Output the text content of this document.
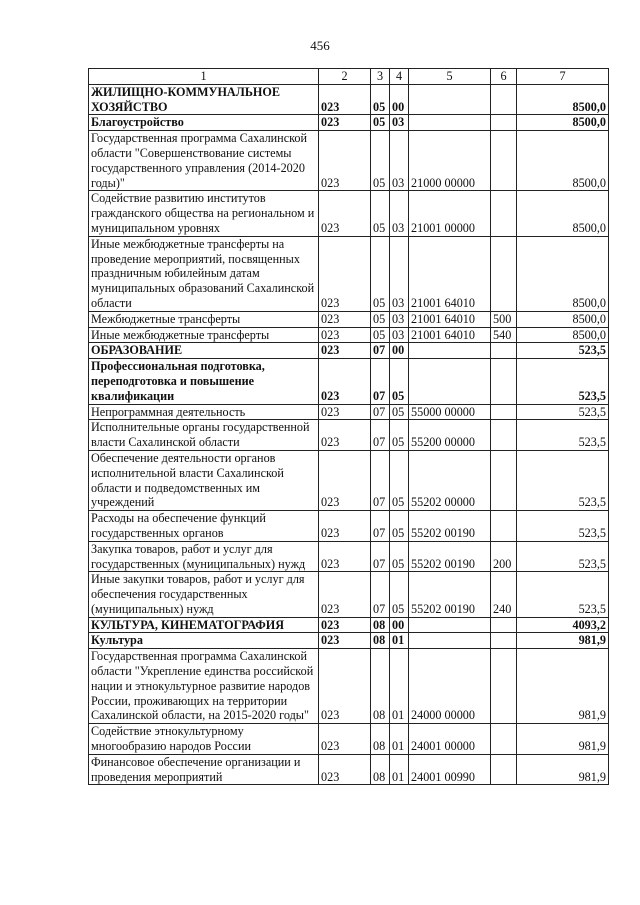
456
1	2	3	4	5	6	7
ЖИЛИЩНО-КОММУНАЛЬНОЕ ХОЗЯЙСТВО	023	05	00			8500,0
Благоустройство	023	05	03			8500,0
Государственная программа Сахалинской области "Совершенствование системы государственного управления (2014-2020 годы)"	023	05	03	21000 00000		8500,0
Содействие развитию институтов гражданского общества на региональном и муниципальном уровнях	023	05	03	21001 00000		8500,0
Иные межбюджетные трансферты на проведение мероприятий, посвященных праздничным юбилейным датам муниципальных образований Сахалинской области	023	05	03	21001 64010		8500,0
Межбюджетные трансферты	023	05	03	21001 64010	500	8500,0
Иные межбюджетные трансферты	023	05	03	21001 64010	540	8500,0
ОБРАЗОВАНИЕ	023	07	00			523,5
Профессиональная подготовка, переподготовка и повышение квалификации	023	07	05			523,5
Непрограммная деятельность	023	07	05	55000 00000		523,5
Исполнительные органы государственной власти Сахалинской области	023	07	05	55200 00000		523,5
Обеспечение деятельности органов исполнительной власти Сахалинской области и подведомственных им учреждений	023	07	05	55202 00000		523,5
Расходы на обеспечение функций государственных органов	023	07	05	55202 00190		523,5
Закупка товаров, работ и услуг для государственных (муниципальных) нужд	023	07	05	55202 00190	200	523,5
Иные закупки товаров, работ и услуг для обеспечения государственных (муниципальных) нужд	023	07	05	55202 00190	240	523,5
КУЛЬТУРА, КИНЕМАТОГРАФИЯ	023	08	00			4093,2
Культура	023	08	01			981,9
Государственная программа Сахалинской области "Укрепление единства российской нации и этнокультурное развитие народов России, проживающих на территории Сахалинской области, на 2015-2020 годы"	023	08	01	24000 00000		981,9
Содействие этнокультурному многообразию народов России	023	08	01	24001 00000		981,9
Финансовое обеспечение организации и проведения мероприятий	023	08	01	24001 00990		981,9
